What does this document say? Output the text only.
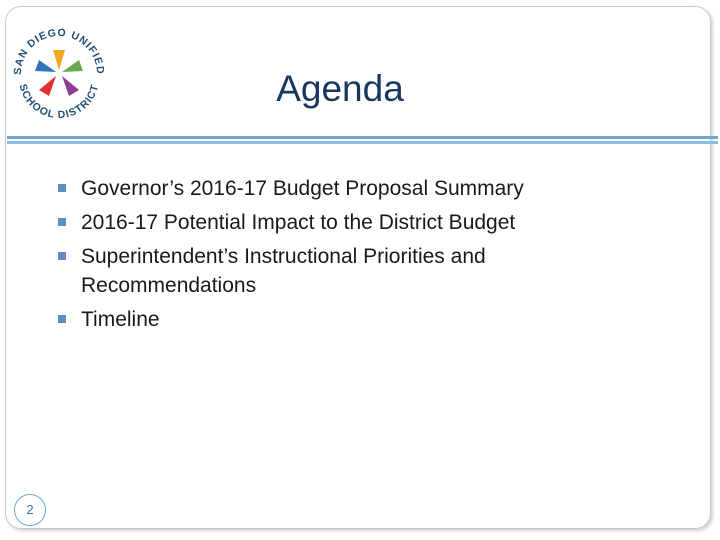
SAN DIEGO UNIFIED
SCHOOL DISTRICT	Agenda
Governor’s 2016-17 Budget Proposal Summary
2016-17 Potential Impact to the District Budget
Superintendent’s Instructional Priorities and Recommendations
Timeline
2
